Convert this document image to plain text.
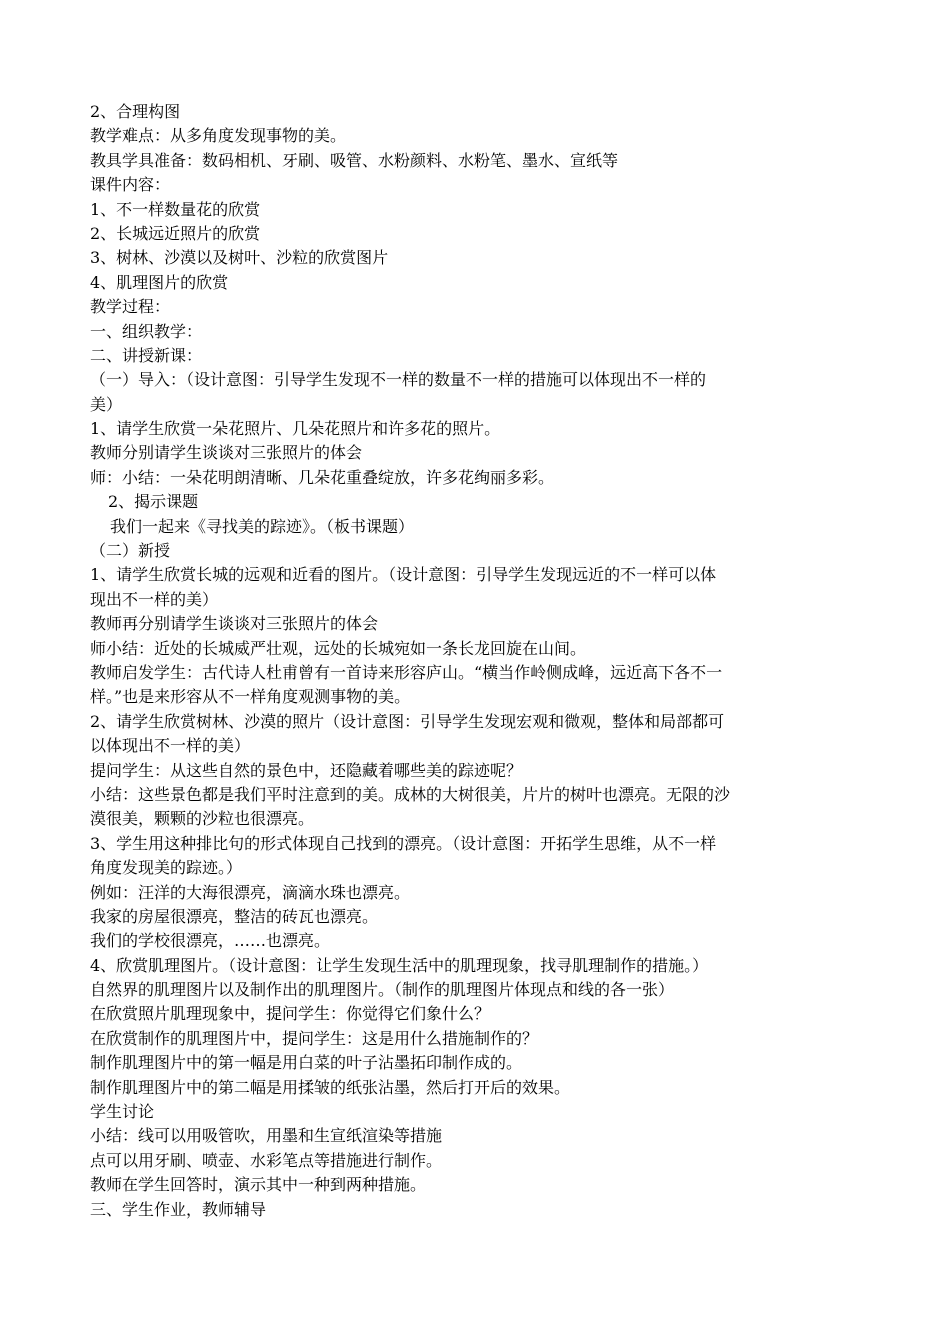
2、合理构图

教学难点：从多角度发现事物的美。

教具学具准备：数码相机、牙刷、吸管、水粉颜料、水粉笔、墨水、宣纸等

课件内容：

1、不一样数量花的欣赏

2、长城远近照片的欣赏

3、树林、沙漠以及树叶、沙粒的欣赏图片

4、肌理图片的欣赏

教学过程：

一、组织教学：

二、讲授新课：

（一）导入：（设计意图：引导学生发现不一样的数量不一样的措施可以体现出不一样的

美）

1、请学生欣赏一朵花照片、几朵花照片和许多花的照片。

教师分别请学生谈谈对三张照片的体会

师：小结：一朵花明朗清晰、几朵花重叠绽放，许多花绚丽多彩。

2、揭示课题

我们一起来《寻找美的踪迹》。（板书课题）

（二）新授

1、请学生欣赏长城的远观和近看的图片。（设计意图：引导学生发现远近的不一样可以体

现出不一样的美）

教师再分别请学生谈谈对三张照片的体会

师小结：近处的长城威严壮观，远处的长城宛如一条长龙回旋在山间。

教师启发学生：古代诗人杜甫曾有一首诗来形容庐山。“横当作岭侧成峰，远近高下各不一

样。”也是来形容从不一样角度观测事物的美。

2、请学生欣赏树林、沙漠的照片（设计意图：引导学生发现宏观和微观，整体和局部都可

以体现出不一样的美）

提问学生：从这些自然的景色中，还隐藏着哪些美的踪迹呢？

小结：这些景色都是我们平时注意到的美。成林的大树很美，片片的树叶也漂亮。无限的沙

漠很美，颗颗的沙粒也很漂亮。

3、学生用这种排比句的形式体现自己找到的漂亮。（设计意图：开拓学生思维，从不一样

角度发现美的踪迹。）

例如：汪洋的大海很漂亮，滴滴水珠也漂亮。

我家的房屋很漂亮，整洁的砖瓦也漂亮。

我们的学校很漂亮，……也漂亮。

4、欣赏肌理图片。（设计意图：让学生发现生活中的肌理现象，找寻肌理制作的措施。）

自然界的肌理图片以及制作出的肌理图片。（制作的肌理图片体现点和线的各一张）

在欣赏照片肌理现象中，提问学生：你觉得它们象什么？

在欣赏制作的肌理图片中，提问学生：这是用什么措施制作的？

制作肌理图片中的第一幅是用白菜的叶子沾墨拓印制作成的。

制作肌理图片中的第二幅是用揉皱的纸张沾墨，然后打开后的效果。

学生讨论

小结：线可以用吸管吹，用墨和生宣纸渲染等措施

点可以用牙刷、喷壶、水彩笔点等措施进行制作。

教师在学生回答时，演示其中一种到两种措施。

三、学生作业，教师辅导
